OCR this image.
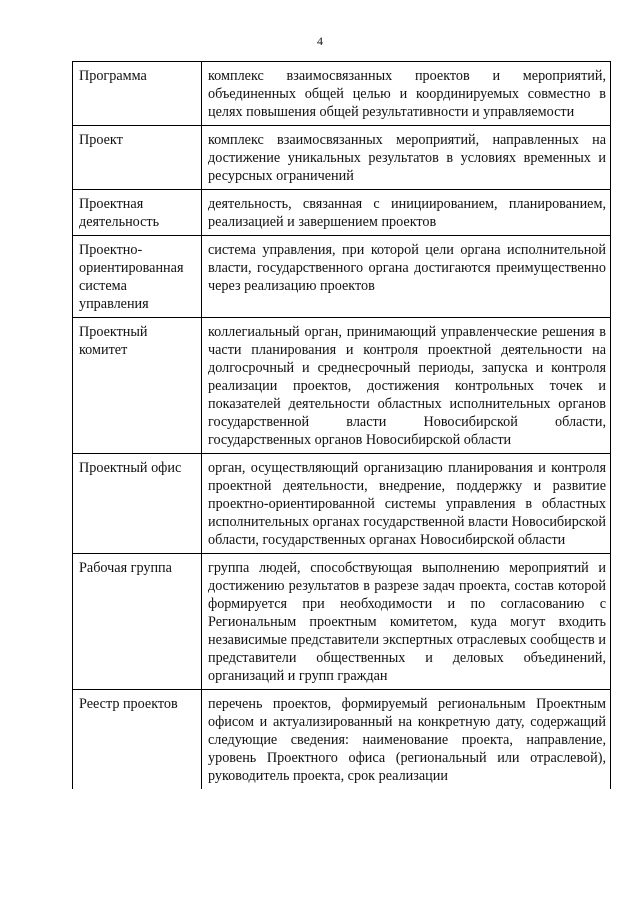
4
Программа	комплекс взаимосвязанных проектов и мероприятий, объединенных общей целью и координируемых совместно в целях повышения общей результативности и управляемости
Проект	комплекс взаимосвязанных мероприятий, направленных на достижение уникальных результатов в условиях временных и ресурсных ограничений
Проектная деятельность	деятельность, связанная с инициированием, планированием, реализацией и завершением проектов
Проектно-ориентированная система управления	система управления, при которой цели органа исполнительной власти, государственного органа достигаются преимущественно через реализацию проектов
Проектный комитет	коллегиальный орган, принимающий управленческие решения в части планирования и контроля проектной деятельности на долгосрочный и среднесрочный периоды, запуска и контроля реализации проектов, достижения контрольных точек и показателей деятельности областных исполнительных органов государственной власти Новосибирской области, государственных органов Новосибирской области
Проектный офис	орган, осуществляющий организацию планирования и контроля проектной деятельности, внедрение, поддержку и развитие проектно-ориентированной системы управления в областных исполнительных органах государственной власти Новосибирской области, государственных органах Новосибирской области
Рабочая группа	группа людей, способствующая выполнению мероприятий и достижению результатов в разрезе задач проекта, состав которой формируется при необходимости и по согласованию с Региональным проектным комитетом, куда могут входить независимые представители экспертных отраслевых сообществ и представители общественных и деловых объединений, организаций и групп граждан
Реестр проектов	перечень проектов, формируемый региональным Проектным офисом и актуализированный на конкретную дату, содержащий следующие сведения: наименование проекта, направление, уровень Проектного офиса (региональный или отраслевой), руководитель проекта, срок реализации
